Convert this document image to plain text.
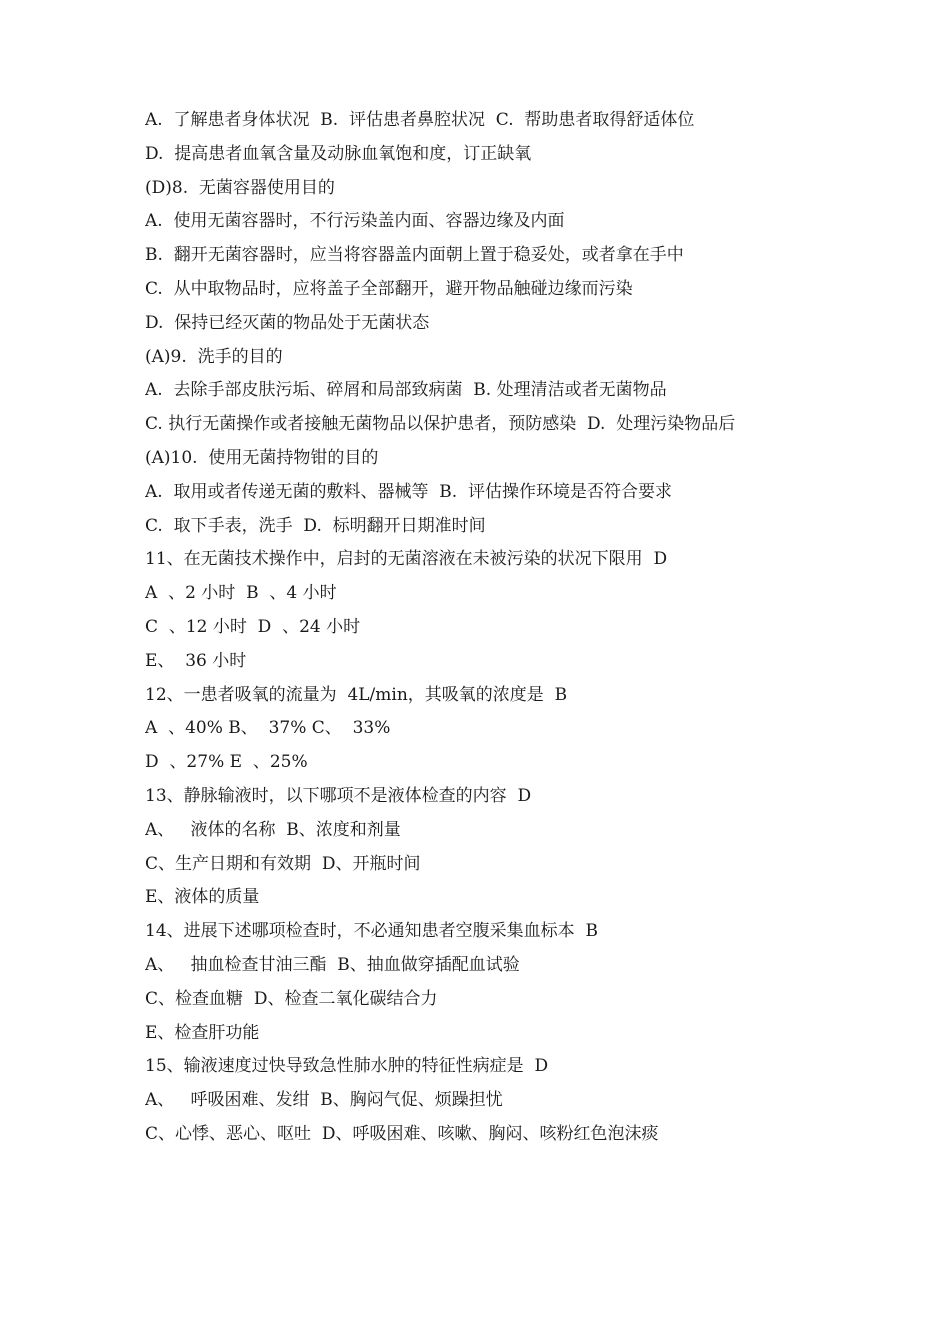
A.  了解患者身体状况  B.  评估患者鼻腔状况  C.  帮助患者取得舒适体位
D.  提高患者血氧含量及动脉血氧饱和度，订正缺氧
(D)8.  无菌容器使用目的
A.  使用无菌容器时，不行污染盖内面、容器边缘及内面
B.  翻开无菌容器时，应当将容器盖内面朝上置于稳妥处，或者拿在手中
C.  从中取物品时，应将盖子全部翻开，避开物品触碰边缘而污染
D.  保持已经灭菌的物品处于无菌状态
(A)9.  洗手的目的
A.  去除手部皮肤污垢、碎屑和局部致病菌  B. 处理清洁或者无菌物品
C. 执行无菌操作或者接触无菌物品以保护患者，预防感染  D.  处理污染物品后
(A)10.  使用无菌持物钳的目的
A.  取用或者传递无菌的敷料、器械等  B.  评估操作环境是否符合要求
C.  取下手表，洗手  D.  标明翻开日期准时间
11、在无菌技术操作中，启封的无菌溶液在未被污染的状况下限用  D
A  、2 小时  B  、4 小时
C  、12 小时  D  、24 小时
E、  36 小时
12、一患者吸氧的流量为  4L/min，其吸氧的浓度是  B
A  、40% B、  37% C、  33%
D  、27% E  、25%
13、静脉输液时，以下哪项不是液体检查的内容  D
A、   液体的名称  B、浓度和剂量
C、生产日期和有效期  D、开瓶时间
E、液体的质量
14、进展下述哪项检查时，不必通知患者空腹采集血标本  B
A、   抽血检查甘油三酯  B、抽血做穿插配血试验
C、检查血糖  D、检查二氧化碳结合力
E、检查肝功能
15、输液速度过快导致急性肺水肿的特征性病症是  D
A、   呼吸困难、发绀  B、胸闷气促、烦躁担忧
C、心悸、恶心、呕吐  D、呼吸困难、咳嗽、胸闷、咳粉红色泡沫痰
